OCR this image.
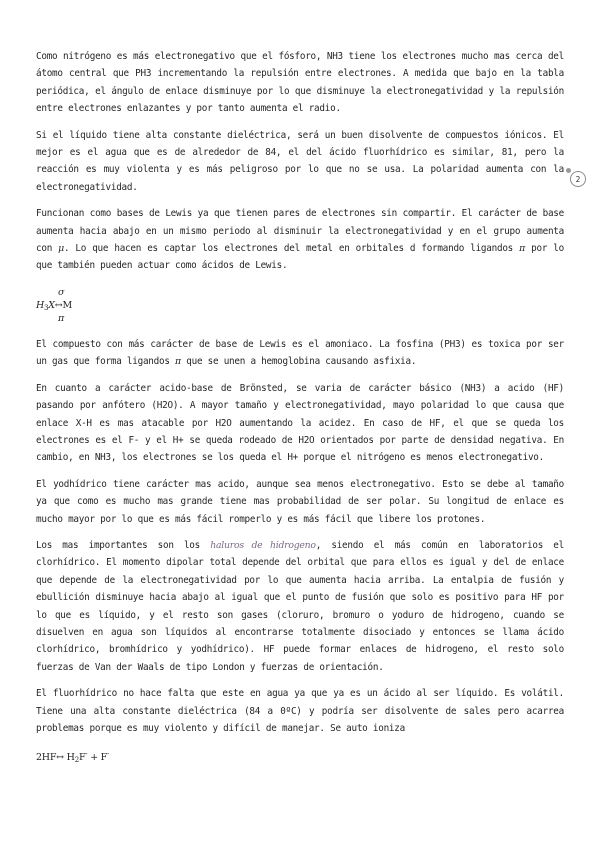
Como nitrógeno es más electronegativo que el fósforo, NH3 tiene los electrones mucho mas cerca del átomo central que PH3 incrementando la repulsión entre electrones. A medida que bajo en la tabla periódica, el ángulo de enlace disminuye por lo que disminuye la electronegatividad y la repulsión entre electrones enlazantes y por tanto aumenta el radio.

Si el líquido tiene alta constante dieléctrica, será un buen disolvente de compuestos iónicos. El mejor es el agua que es de alrededor de 84, el del ácido fluorhídrico es similar, 81, pero la reacción es muy violenta y es más peligroso por lo que no se usa. La polaridad aumenta con la electronegatividad.

Funcionan como bases de Lewis ya que tienen pares de electrones sin compartir. El carácter de base aumenta hacia abajo en un mismo periodo al disminuir la electronegatividad y en el grupo aumenta con μ. Lo que hacen es captar los electrones del metal en orbitales d formando ligandos π por lo que también pueden actuar como ácidos de Lewis.

σ
$H_3X\leftrightarrow M$
π

El compuesto con más carácter de base de Lewis es el amoniaco. La fosfina (PH3) es toxica por ser un gas que forma ligandos π que se unen a hemoglobina causando asfixia.

En cuanto a carácter acido-base de Brönsted, se varia de carácter básico (NH3) a acido (HF) pasando por anfótero (H2O). A mayor tamaño y electronegatividad, mayo polaridad lo que causa que enlace X-H es mas atacable por H2O aumentando la acidez. En caso de HF, el que se queda los electrones es el F- y el H+ se queda rodeado de H2O orientados por parte de densidad negativa. En cambio, en NH3, los electrones se los queda el H+ porque el nitrógeno es menos electronegativo.

El yodhídrico tiene carácter mas acido, aunque sea menos electronegativo. Esto se debe al tamaño ya que como es mucho mas grande tiene mas probabilidad de ser polar. Su longitud de enlace es mucho mayor por lo que es más fácil romperlo y es más fácil que libere los protones.

Los mas importantes son los haluros de hidrogeno, siendo el más común en laboratorios el clorhídrico. El momento dipolar total depende del orbital que para ellos es igual y del de enlace que depende de la electronegatividad por lo que aumenta hacia arriba. La entalpia de fusión y ebullición disminuye hacia abajo al igual que el punto de fusión que solo es positivo para HF por lo que es líquido, y el resto son gases (cloruro, bromuro o yoduro de hidrogeno, cuando se disuelven en agua son líquidos al encontrarse totalmente disociado y entonces se llama ácido clorhídrico, bromhídrico y yodhídrico). HF puede formar enlaces de hidrogeno, el resto solo fuerzas de Van der Waals de tipo London y fuerzas de orientación.

El fluorhídrico no hace falta que este en agua ya que ya es un ácido al ser líquido. Es volátil. Tiene una alta constante dieléctrica (84 a 0ºC) y podría ser disolvente de sales pero acarrea problemas porque es muy violento y difícil de manejar. Se auto ioniza

2HF↔ $H_2F^- + F^-$
2
